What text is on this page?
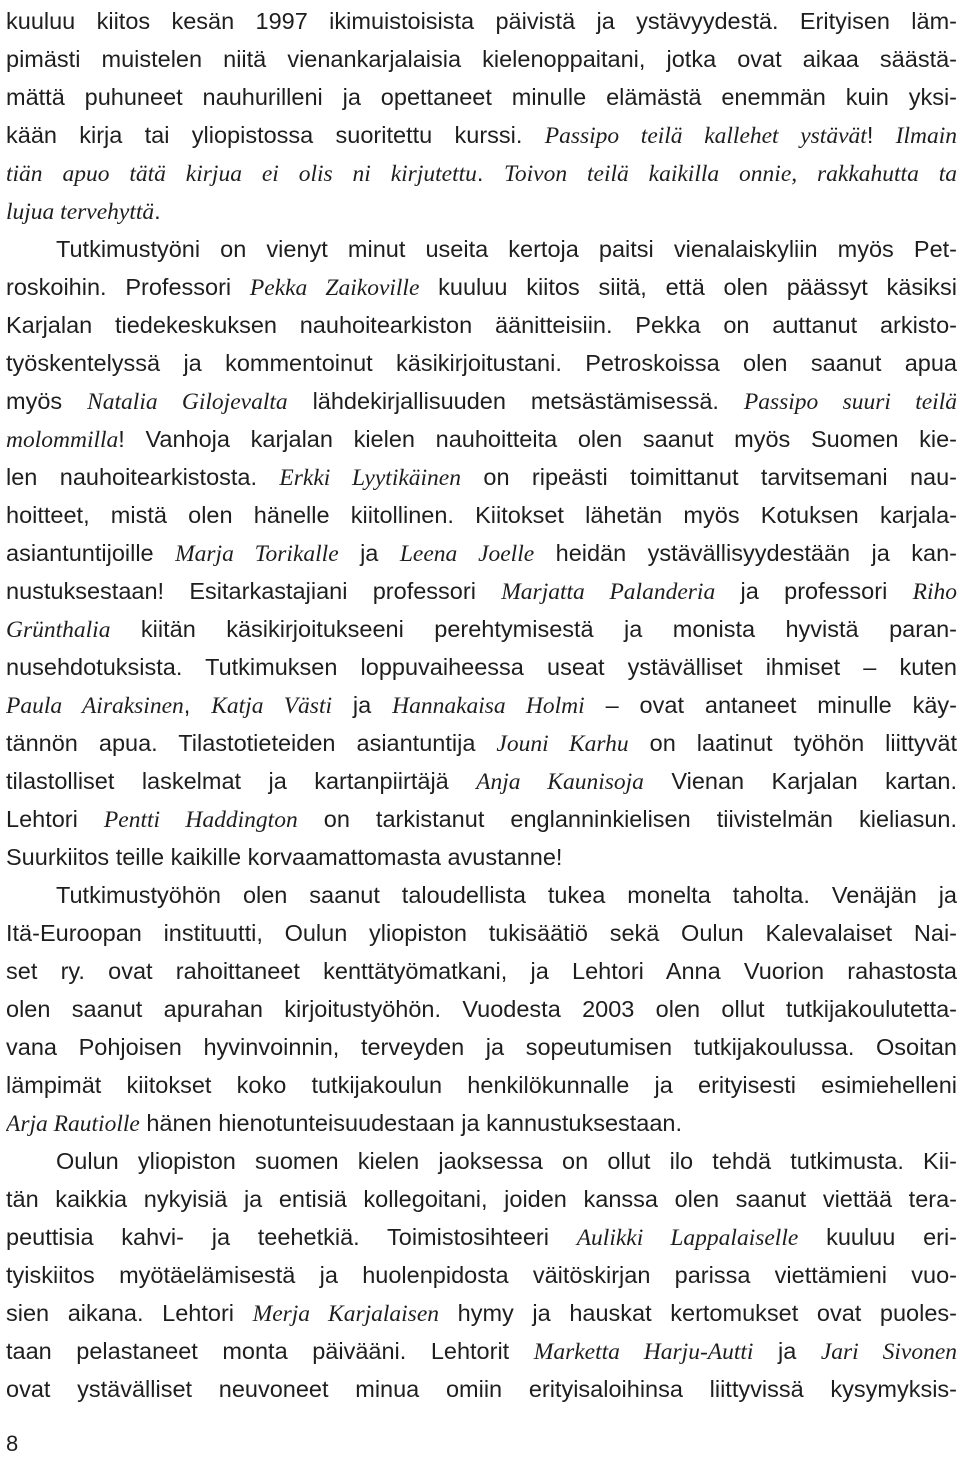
kuuluu kiitos kesän 1997 ikimuistoisista päivistä ja ystävyydestä. Erityisen läm-
pimästi muistelen niitä vienankarjalaisia kielenoppaitani, jotka ovat aikaa säästä-
mättä puhuneet nauhurilleni ja opettaneet minulle elämästä enemmän kuin yksi-
kään kirja tai yliopistossa suoritettu kurssi. Passipo teilä kallehet ystävät! Ilmain
tiän apuo tätä kirjua ei olis ni kirjutettu. Toivon teilä kaikilla onnie, rakkahutta ta
lujua tervehyttä.
Tutkimustyöni on vienyt minut useita kertoja paitsi vienalaiskyliin myös Pet-
roskoihin. Professori Pekka Zaikoville kuuluu kiitos siitä, että olen päässyt käsiksi
Karjalan tiedekeskuksen nauhoitearkiston äänitteisiin. Pekka on auttanut arkisto-
työskentelyssä ja kommentoinut käsikirjoitustani. Petroskoissa olen saanut apua
myös Natalia Gilojevalta lähdekirjallisuuden metsästämisessä. Passipo suuri teilä
molommilla! Vanhoja karjalan kielen nauhoitteita olen saanut myös Suomen kie-
len nauhoitearkistosta. Erkki Lyytikäinen on ripeästi toimittanut tarvitsemani nau-
hoitteet, mistä olen hänelle kiitollinen. Kiitokset lähetän myös Kotuksen karjala-
asiantuntijoille Marja Torikalle ja Leena Joelle heidän ystävällisyydestään ja kan-
nustuksestaan! Esitarkastajiani professori Marjatta Palanderia ja professori Riho
Grünthalia kiitän käsikirjoitukseeni perehtymisestä ja monista hyvistä paran-
nusehdotuksista. Tutkimuksen loppuvaiheessa useat ystävälliset ihmiset – kuten
Paula Airaksinen, Katja Västi ja Hannakaisa Holmi – ovat antaneet minulle käy-
tännön apua. Tilastotieteiden asiantuntija Jouni Karhu on laatinut työhön liittyvät
tilastolliset laskelmat ja kartanpiirtäjä Anja Kaunisoja Vienan Karjalan kartan.
Lehtori Pentti Haddington on tarkistanut englanninkielisen tiivistelmän kieliasun.
Suurkiitos teille kaikille korvaamattomasta avustanne!
Tutkimustyöhön olen saanut taloudellista tukea monelta taholta. Venäjän ja
Itä-Euroopan instituutti, Oulun yliopiston tukisäätiö sekä Oulun Kalevalaiset Nai-
set ry. ovat rahoittaneet kenttätyömatkani, ja Lehtori Anna Vuorion rahastosta
olen saanut apurahan kirjoitustyöhön. Vuodesta 2003 olen ollut tutkijakoulutetta-
vana Pohjoisen hyvinvoinnin, terveyden ja sopeutumisen tutkijakoulussa. Osoitan
lämpimät kiitokset koko tutkijakoulun henkilökunnalle ja erityisesti esimiehelleni
Arja Rautiolle hänen hienotunteisuudestaan ja kannustuksestaan.
Oulun yliopiston suomen kielen jaoksessa on ollut ilo tehdä tutkimusta. Kii-
tän kaikkia nykyisiä ja entisiä kollegoitani, joiden kanssa olen saanut viettää tera-
peuttisia kahvi- ja teehetkiä. Toimistosihteeri Aulikki Lappalaiselle kuuluu eri-
tyiskiitos myötäelämisestä ja huolenpidosta väitöskirjan parissa viettämieni vuo-
sien aikana. Lehtori Merja Karjalaisen hymy ja hauskat kertomukset ovat puoles-
taan pelastaneet monta päivääni. Lehtorit Marketta Harju-Autti ja Jari Sivonen
ovat ystävälliset neuvoneet minua omiin erityisaloihinsa liittyvissä kysymyksis-
8
